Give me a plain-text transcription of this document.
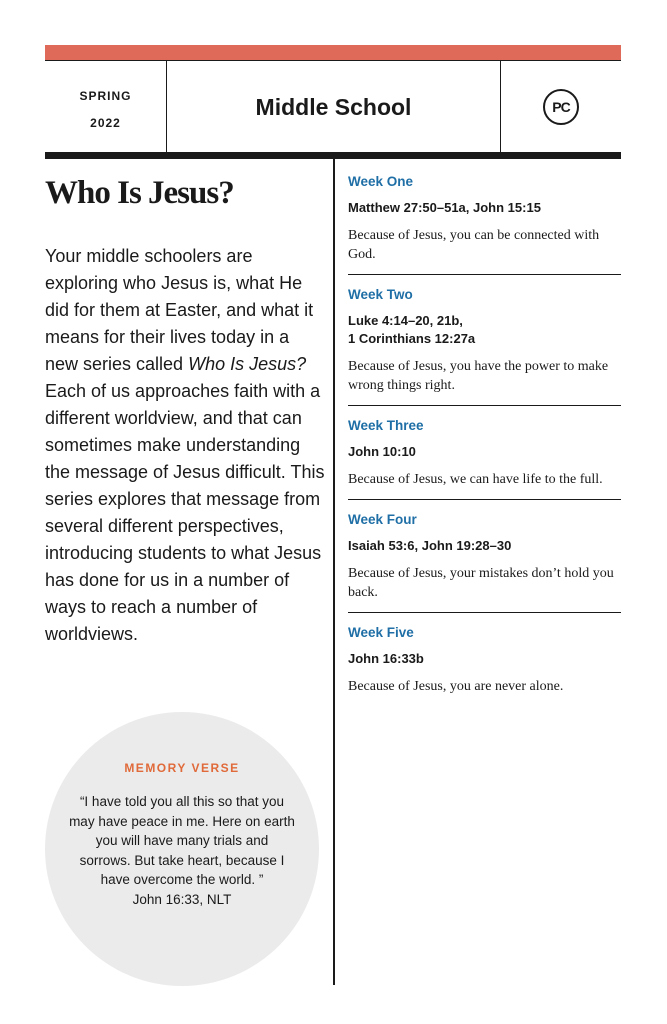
SPRING
2022
Middle School	PC
Who Is Jesus?

Your middle schoolers are exploring who Jesus is, what He did for them at Easter, and what it means for their lives today in a new series called Who Is Jesus? Each of us approaches faith with a different worldview, and that can sometimes make understanding the message of Jesus difficult. This series explores that message from several different perspectives, introducing students to what Jesus has done for us in a number of ways to reach a number of worldviews.

MEMORY VERSE
“I have told you all this so that you may have peace in me. Here on earth you will have many trials and sorrows. But take heart, because I have overcome the world. ”
John 16:33, NLT
Week One
Matthew 27:50–51a, John 15:15
Because of Jesus, you can be connected with God.
Week Two
Luke 4:14–20, 21b,
1 Corinthians 12:27a
Because of Jesus, you have the power to make wrong things right.
Week Three
John 10:10
Because of Jesus, we can have life to the full.
Week Four
Isaiah 53:6, John 19:28–30
Because of Jesus, your mistakes don’t hold you back.
Week Five
John 16:33b
Because of Jesus, you are never alone.
